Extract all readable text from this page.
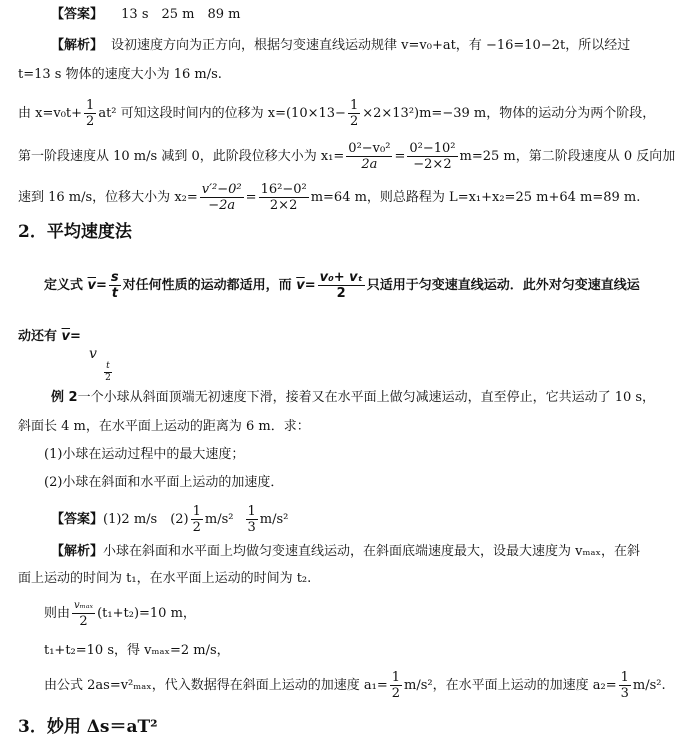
【答案】 13 s　25 m　89 m
【解析】 设初速度方向为正方向，根据匀变速直线运动规律 v=v₀+at，有 −16=10−2t，所以经过
t=13 s 物体的速度大小为 16 m/s.
由 $x=v_0t+ \frac{1}{2} at^2$ 可知这段时间内的位移为 $x=(10\times 13- \frac{1}{2} \times 2\times 13^2)m=-39$ m，物体的运动分为两个阶段，
第一阶段速度从 10 m/s 减到 0，此阶段位移大小为 $x_1= \frac{\text{0²−v₀²}}{2a} = \frac{\text{0²−10²}}{-2\times 2} m=25$ m，第二阶段速度从 0 反向加
速到 16 m/s，位移大小为 $x_2= \frac{\text{v′²−0²}}{-2a} = \frac{\text{16²−0²}}{2\times 2} m=64$ m，则总路程为 L=x₁+x₂=25 m+64 m=89 m.
2．平均速度法
定义式 $\overline{v}= \frac{s}{t}$ 对任何性质的运动都适用，而 $\overline{v}= \frac{\text{v₀+ vₜ}}{2}$ 只适用于匀变速直线运动．此外对匀变速直线运
动还有 $\overline{v}=$
v
$\frac{t}{2}$
例 2一个小球从斜面顶端无初速度下滑，接着又在水平面上做匀减速运动，直至停止，它共运动了 10 s，
斜面长 4 m，在水平面上运动的距离为 6 m．求：
(1)小球在运动过程中的最大速度；
(2)小球在斜面和水平面上运动的加速度．
【答案】(1)2 m/s　$(2) \frac{1}{2} m/s^2 \frac{1}{3} m/s^2$
【解析】小球在斜面和水平面上均做匀变速直线运动，在斜面底端速度最大，设最大速度为 vₘₐₓ，在斜
面上运动的时间为 t₁，在水平面上运动的时间为 t₂.
则由 $\frac{\text{vₘₐₓ}}{2} (t_1+t_2)=10$ m，
t₁+t₂=10 s，得 vₘₐₓ=2 m/s，
由公式 2as=v²ₘₐₓ，代入数据得在斜面上运动的加速度 $a_1= \frac{1}{2} m/s^2$，在水平面上运动的加速度 $a_2= \frac{1}{3} m/s^2$.
3．妙用 Δs＝aT²
